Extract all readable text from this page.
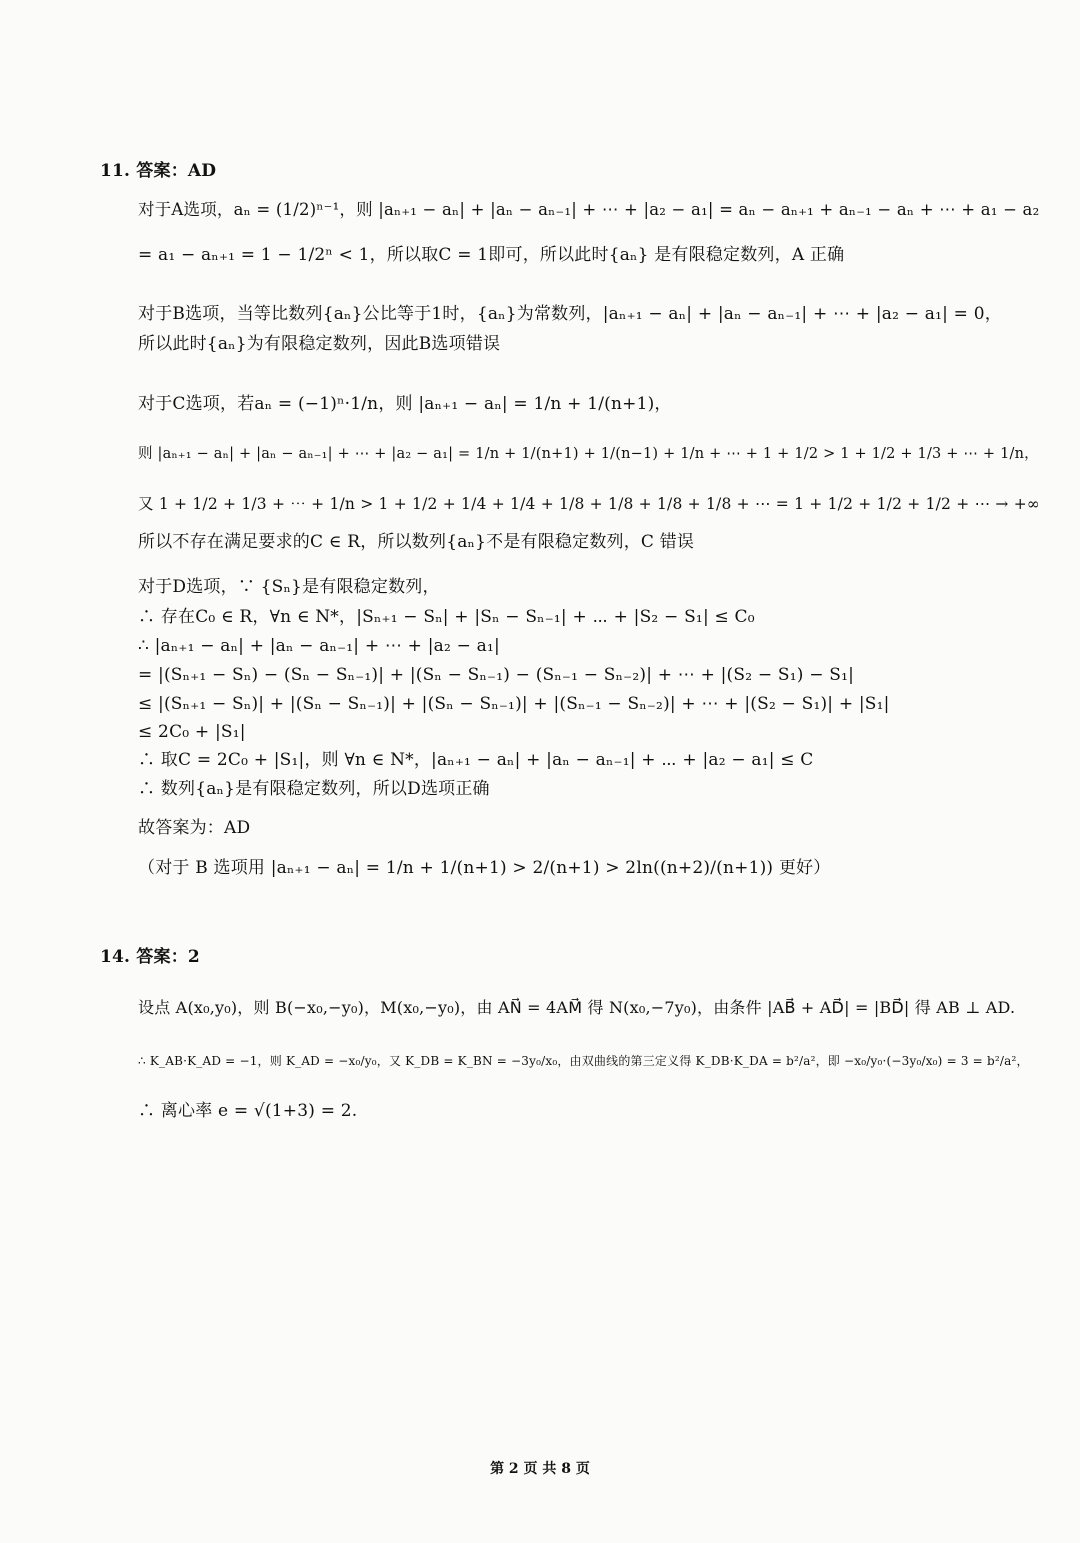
11. 答案：AD
对于A选项，aₙ = (1/2)ⁿ⁻¹，则 |aₙ₊₁ − aₙ| + |aₙ − aₙ₋₁| + ⋯ + |a₂ − a₁| = aₙ − aₙ₊₁ + aₙ₋₁ − aₙ + ⋯ + a₁ − a₂
= a₁ − aₙ₊₁ = 1 − 1/2ⁿ < 1，所以取C = 1即可，所以此时{aₙ} 是有限稳定数列，A 正确
对于B选项，当等比数列{aₙ}公比等于1时，{aₙ}为常数列，|aₙ₊₁ − aₙ| + |aₙ − aₙ₋₁| + ⋯ + |a₂ − a₁| = 0，
所以此时{aₙ}为有限稳定数列，因此B选项错误
对于C选项，若aₙ = (−1)ⁿ·1/n，则 |aₙ₊₁ − aₙ| = 1/n + 1/(n+1)，
则 |aₙ₊₁ − aₙ| + |aₙ − aₙ₋₁| + ⋯ + |a₂ − a₁| = 1/n + 1/(n+1) + 1/(n−1) + 1/n + ⋯ + 1 + 1/2 > 1 + 1/2 + 1/3 + ⋯ + 1/n，
又 1 + 1/2 + 1/3 + ⋯ + 1/n > 1 + 1/2 + 1/4 + 1/4 + 1/8 + 1/8 + 1/8 + 1/8 + ⋯ = 1 + 1/2 + 1/2 + 1/2 + ⋯ → +∞
所以不存在满足要求的C ∈ R，所以数列{aₙ}不是有限稳定数列，C 错误
对于D选项，∵ {Sₙ}是有限稳定数列，
∴ 存在C₀ ∈ R，∀n ∈ N*，|Sₙ₊₁ − Sₙ| + |Sₙ − Sₙ₋₁| + ⋯ + |S₂ − S₁| ≤ C₀
∴ |aₙ₊₁ − aₙ| + |aₙ − aₙ₋₁| + ⋯ + |a₂ − a₁|
= |(Sₙ₊₁ − Sₙ) − (Sₙ − Sₙ₋₁)| + |(Sₙ − Sₙ₋₁) − (Sₙ₋₁ − Sₙ₋₂)| + ⋯ + |(S₂ − S₁) − S₁|
≤ |(Sₙ₊₁ − Sₙ)| + |(Sₙ − Sₙ₋₁)| + |(Sₙ − Sₙ₋₁)| + |(Sₙ₋₁ − Sₙ₋₂)| + ⋯ + |(S₂ − S₁)| + |S₁|
≤ 2C₀ + |S₁|
∴ 取C = 2C₀ + |S₁|，则 ∀n ∈ N*，|aₙ₊₁ − aₙ| + |aₙ − aₙ₋₁| + ⋯ + |a₂ − a₁| ≤ C
∴ 数列{aₙ}是有限稳定数列，所以D选项正确
故答案为：AD
（对于 B 选项用 |aₙ₊₁ − aₙ| = 1/n + 1/(n+1) > 2/(n+1) > 2ln((n+2)/(n+1)) 更好）
14. 答案：2
设点 A(x₀,y₀)，则 B(−x₀,−y₀)，M(x₀,−y₀)，由 AN⃗ = 4AM⃗ 得 N(x₀,−7y₀)，由条件 |AB⃗ + AD⃗| = |BD⃗| 得 AB ⊥ AD.
∴ K_AB·K_AD = −1，则 K_AD = −x₀/y₀，又 K_DB = K_BN = −3y₀/x₀，由双曲线的第三定义得 K_DB·K_DA = b²/a²，即 −x₀/y₀·(−3y₀/x₀) = 3 = b²/a²，
∴ 离心率 e = √(1+3) = 2.
第 2 页 共 8 页
